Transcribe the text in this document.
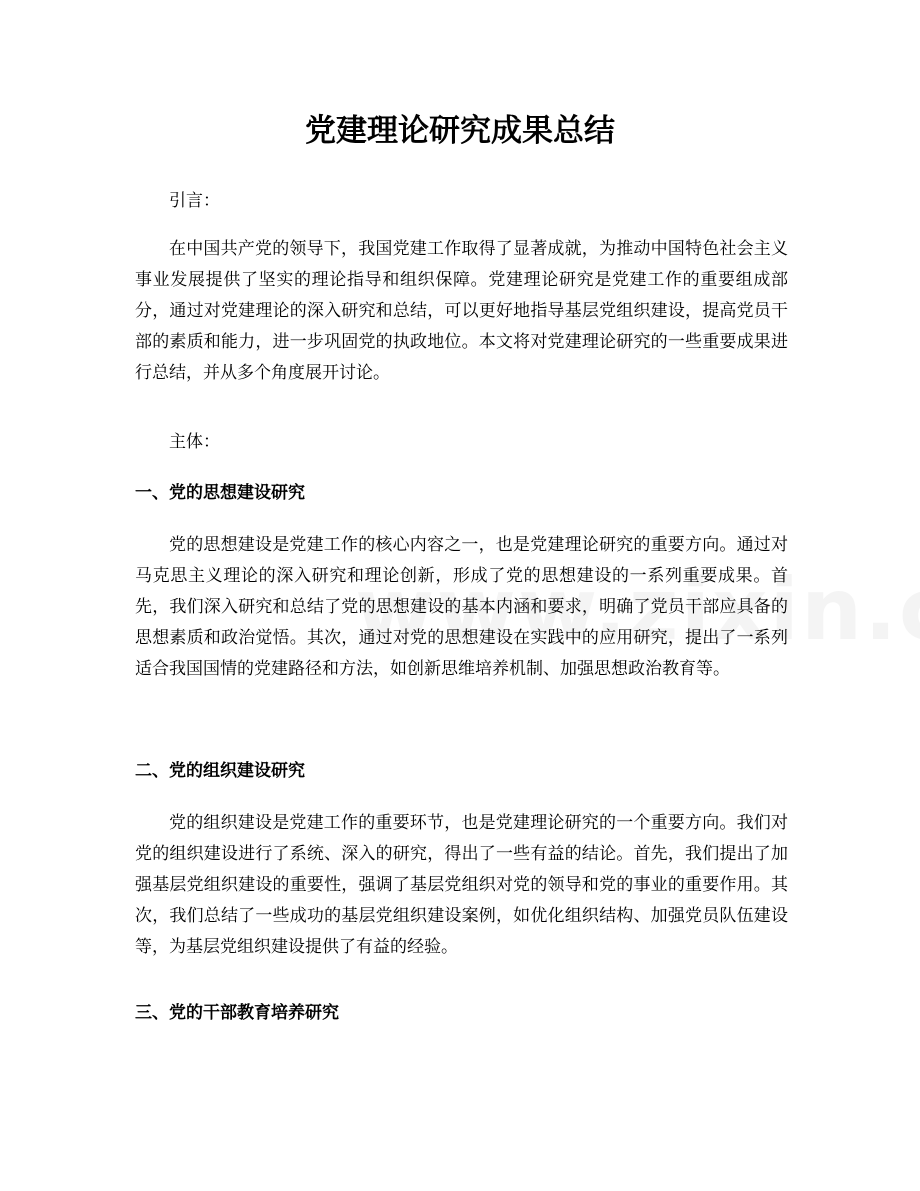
党建理论研究成果总结

引言：

在中国共产党的领导下，我国党建工作取得了显著成就，为推动中国特色社会主义事业发展提供了坚实的理论指导和组织保障。党建理论研究是党建工作的重要组成部分，通过对党建理论的深入研究和总结，可以更好地指导基层党组织建设，提高党员干部的素质和能力，进一步巩固党的执政地位。本文将对党建理论研究的一些重要成果进行总结，并从多个角度展开讨论。

主体：

一、党的思想建设研究

党的思想建设是党建工作的核心内容之一，也是党建理论研究的重要方向。通过对马克思主义理论的深入研究和理论创新，形成了党的思想建设的一系列重要成果。首先，我们深入研究和总结了党的思想建设的基本内涵和要求，明确了党员干部应具备的思想素质和政治觉悟。其次，通过对党的思想建设在实践中的应用研究，提出了一系列适合我国国情的党建路径和方法，如创新思维培养机制、加强思想政治教育等。

二、党的组织建设研究

党的组织建设是党建工作的重要环节，也是党建理论研究的一个重要方向。我们对党的组织建设进行了系统、深入的研究，得出了一些有益的结论。首先，我们提出了加强基层党组织建设的重要性，强调了基层党组织对党的领导和党的事业的重要作用。其次，我们总结了一些成功的基层党组织建设案例，如优化组织结构、加强党员队伍建设等，为基层党组织建设提供了有益的经验。

三、党的干部教育培养研究
